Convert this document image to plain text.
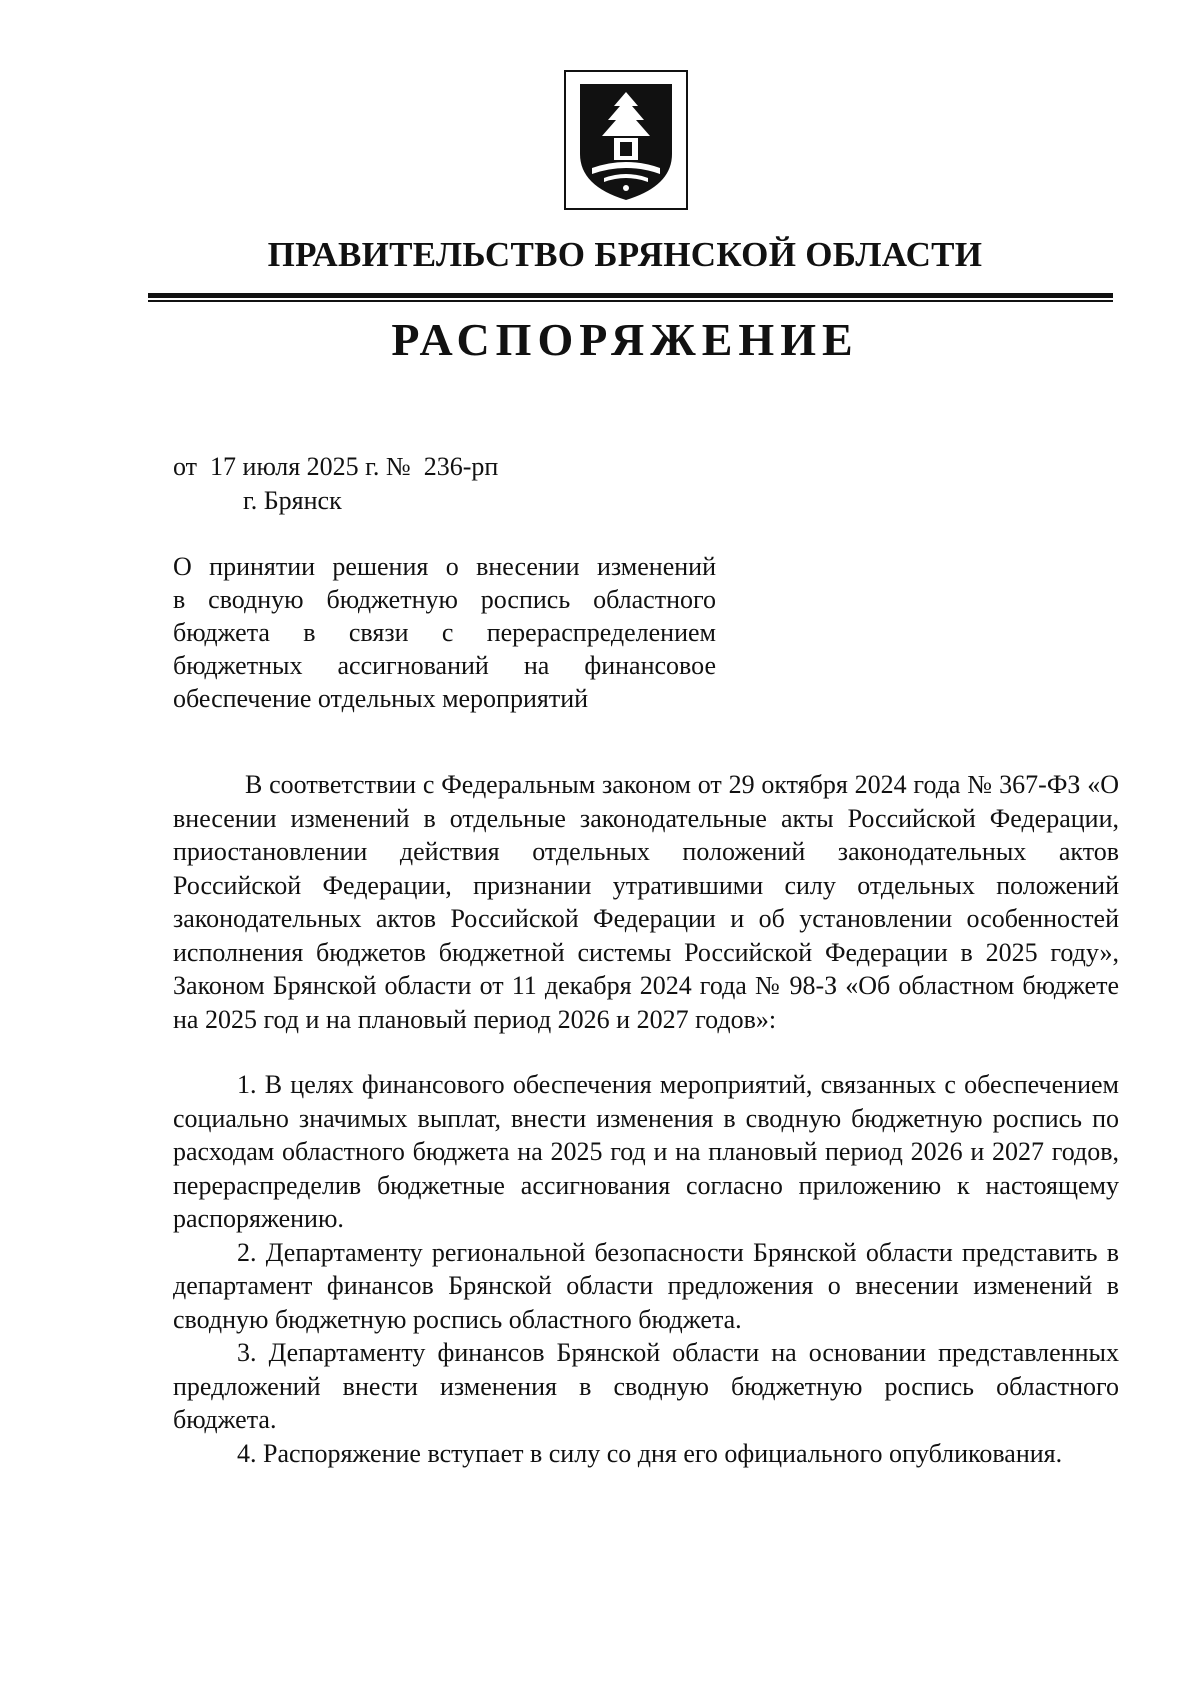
ПРАВИТЕЛЬСТВО БРЯНСКОЙ ОБЛАСТИ
РАСПОРЯЖЕНИЕ
от 17 июля 2025 г. № 236-рп
г. Брянск
О принятии решения о внесении изменений
в сводную бюджетную роспись областного
бюджета в связи с перераспределением
бюджетных ассигнований на финансовое
обеспечение отдельных мероприятий

В соответствии с Федеральным законом от 29 октября 2024 года № 367-ФЗ «О внесении изменений в отдельные законодательные акты Российской Федерации, приостановлении действия отдельных положений законодательных актов Российской Федерации, признании утратившими силу отдельных положений законодательных актов Российской Федерации и об установлении особенностей исполнения бюджетов бюджетной системы Российской Федерации в 2025 году», Законом Брянской области от 11 декабря 2024 года № 98-З «Об областном бюджете на 2025 год и на плановый период 2026 и 2027 годов»:

1. В целях финансового обеспечения мероприятий, связанных с обеспечением социально значимых выплат, внести изменения в сводную бюджетную роспись по расходам областного бюджета на 2025 год и на плановый период 2026 и 2027 годов, перераспределив бюджетные ассигнования согласно приложению к настоящему распоряжению.

2. Департаменту региональной безопасности Брянской области представить в департамент финансов Брянской области предложения о внесении изменений в сводную бюджетную роспись областного бюджета.

3. Департаменту финансов Брянской области на основании представленных предложений внести изменения в сводную бюджетную роспись областного бюджета.

4. Распоряжение вступает в силу со дня его официального опубликования.
